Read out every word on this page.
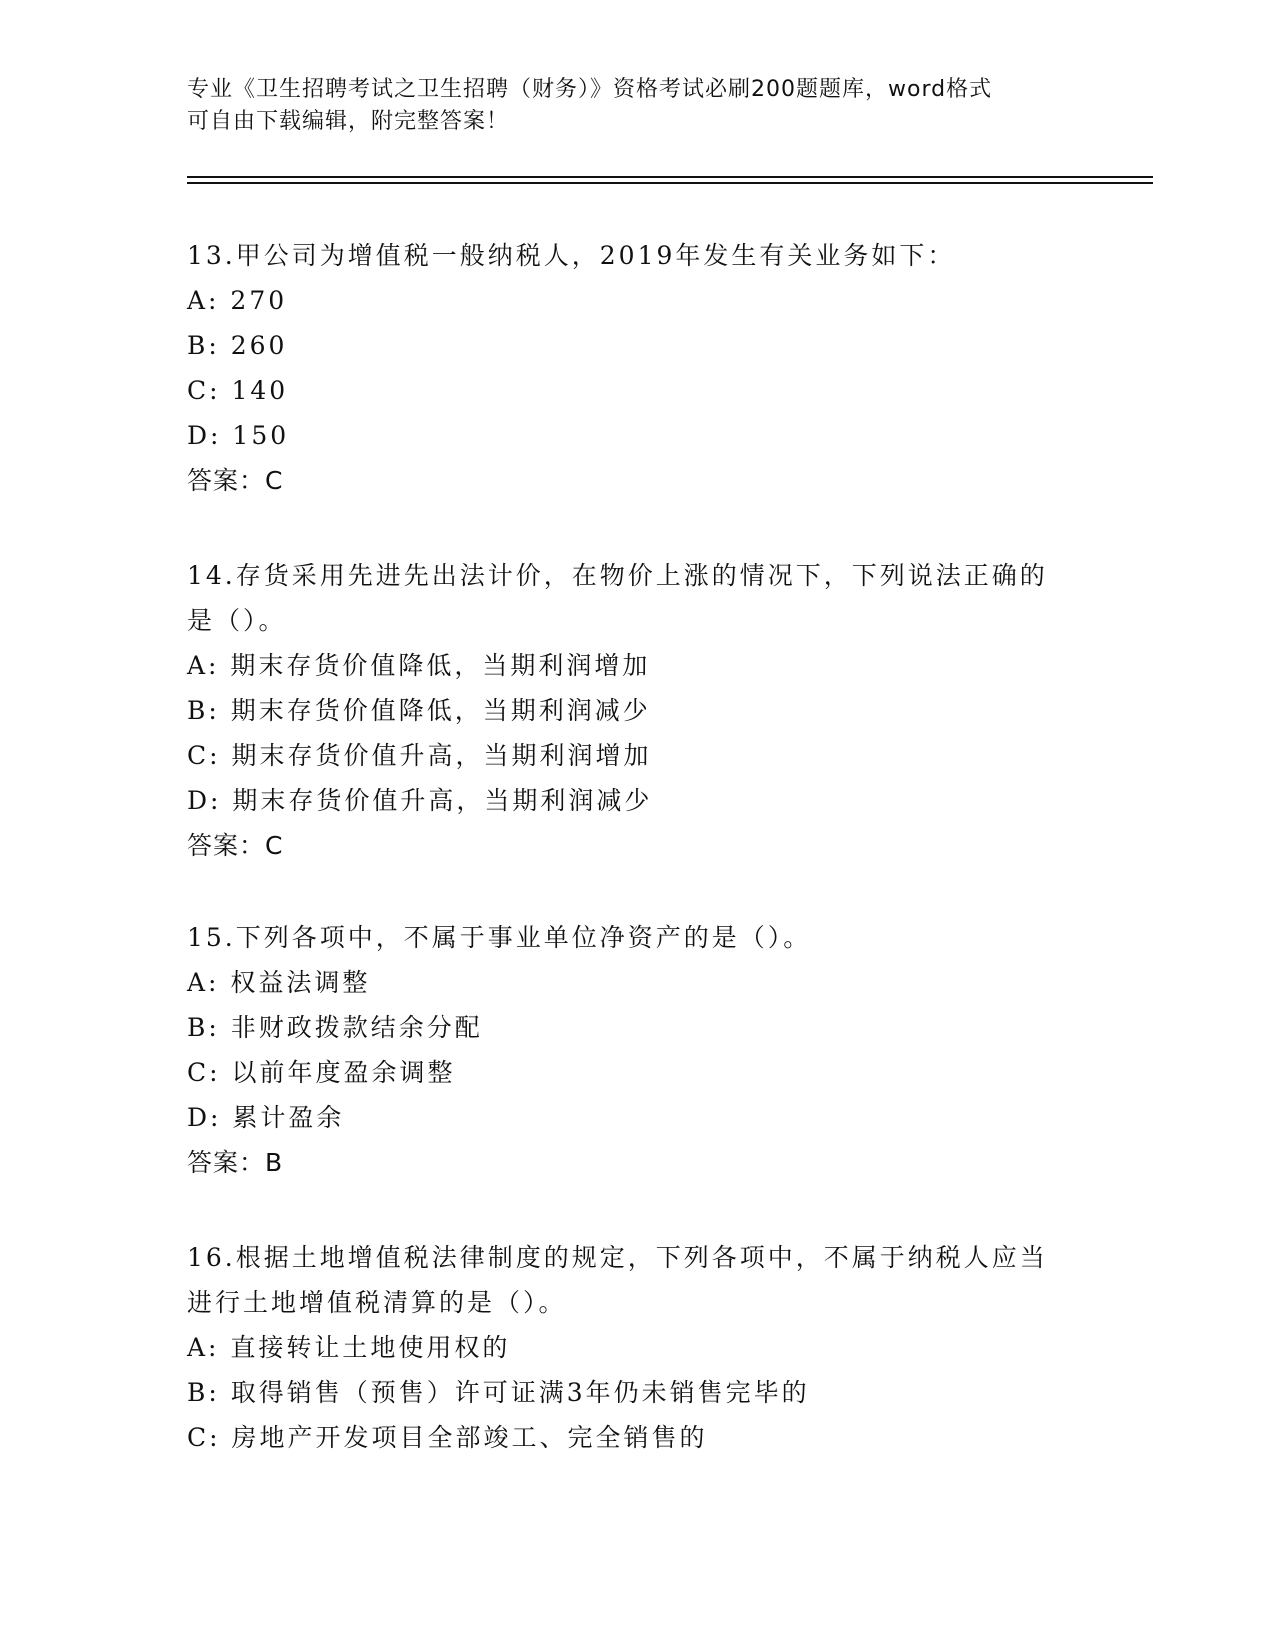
专业《卫生招聘考试之卫生招聘（财务）》资格考试必刷200题题库，word格式

可自由下载编辑，附完整答案！

13.甲公司为增值税一般纳税人，2019年发生有关业务如下：
A: 270
B: 260
C: 140
D: 150
答案：C
14.存货采用先进先出法计价，在物价上涨的情况下，下列说法正确的
是（）。
A: 期末存货价值降低，当期利润增加
B: 期末存货价值降低，当期利润减少
C: 期末存货价值升高，当期利润增加
D: 期末存货价值升高，当期利润减少
答案：C
15.下列各项中，不属于事业单位净资产的是（）。
A: 权益法调整
B: 非财政拨款结余分配
C: 以前年度盈余调整
D: 累计盈余
答案：B
16.根据土地增值税法律制度的规定，下列各项中，不属于纳税人应当
进行土地增值税清算的是（）。
A: 直接转让土地使用权的
B: 取得销售（预售）许可证满3年仍未销售完毕的
C: 房地产开发项目全部竣工、完全销售的
